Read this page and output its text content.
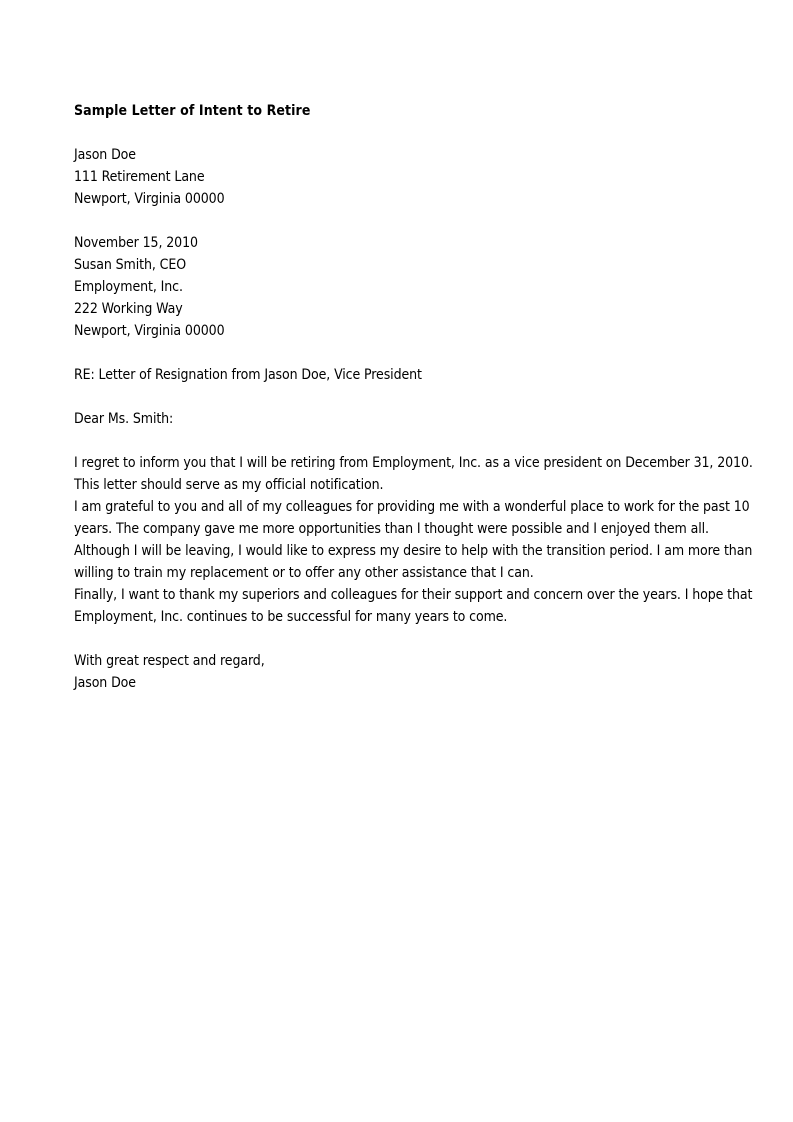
Sample Letter of Intent to Retire
Jason Doe
111 Retirement Lane
Newport, Virginia 00000
November 15, 2010
Susan Smith, CEO
Employment, Inc.
222 Working Way
Newport, Virginia 00000
RE: Letter of Resignation from Jason Doe, Vice President
Dear Ms. Smith:
I regret to inform you that I will be retiring from Employment, Inc. as a vice president on December 31, 2010.
This letter should serve as my official notification.
I am grateful to you and all of my colleagues for providing me with a wonderful place to work for the past 10
years. The company gave me more opportunities than I thought were possible and I enjoyed them all.
Although I will be leaving, I would like to express my desire to help with the transition period. I am more than
willing to train my replacement or to offer any other assistance that I can.
Finally, I want to thank my superiors and colleagues for their support and concern over the years. I hope that
Employment, Inc. continues to be successful for many years to come.
With great respect and regard,
Jason Doe
